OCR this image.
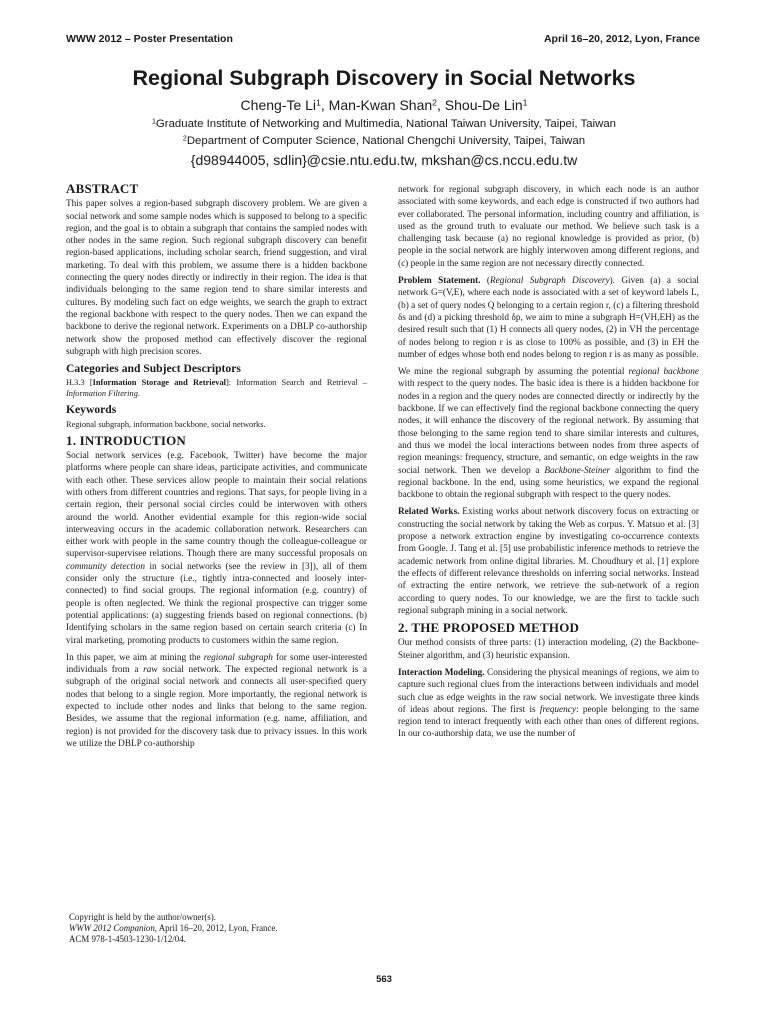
WWW 2012 – Poster Presentation	April 16–20, 2012, Lyon, France
Regional Subgraph Discovery in Social Networks
Cheng-Te Li$^1$, Man-Kwan Shan$^2$, Shou-De Lin$^1$
$^1$Graduate Institute of Networking and Multimedia, National Taiwan University, Taipei, Taiwan
$^2$Department of Computer Science, National Chengchi University, Taipei, Taiwan
{d98944005, sdlin}@csie.ntu.edu.tw, mkshan@cs.nccu.edu.tw
ABSTRACT

This paper solves a region-based subgraph discovery problem. We are given a social network and some sample nodes which is supposed to belong to a specific region, and the goal is to obtain a subgraph that contains the sampled nodes with other nodes in the same region. Such regional subgraph discovery can benefit region-based applications, including scholar search, friend suggestion, and viral marketing. To deal with this problem, we assume there is a hidden backbone connecting the query nodes directly or indirectly in their region. The idea is that individuals belonging to the same region tend to share similar interests and cultures. By modeling such fact on edge weights, we search the graph to extract the regional backbone with respect to the query nodes. Then we can expand the backbone to derive the regional network. Experiments on a DBLP co-authorship network show the proposed method can effectively discover the regional subgraph with high precision scores.

Categories and Subject Descriptors

H.3.3 [Information Storage and Retrieval]: Information Search and Retrieval – Information Filtering.

Keywords

Regional subgraph, information backbone, social networks.

1. INTRODUCTION

Social network services (e.g. Facebook, Twitter) have become the major platforms where people can share ideas, participate activities, and communicate with each other. These services allow people to maintain their social relations with others from different countries and regions. That says, for people living in a certain region, their personal social circles could be interwoven with others around the world. Another evidential example for this region-wide social interweaving occurs in the academic collaboration network. Researchers can either work with people in the same country though the colleague-colleague or supervisor-supervisee relations. Though there are many successful proposals on community detection in social networks (see the review in [3]), all of them consider only the structure (i.e., tightly intra-connected and loosely inter-connected) to find social groups. The regional information (e.g. country) of people is often neglected. We think the regional prospective can trigger some potential applications: (a) suggesting friends based on regional connections. (b) Identifying scholars in the same region based on certain search criteria (c) In viral marketing, promoting products to customers within the same region.

In this paper, we aim at mining the regional subgraph for some user-interested individuals from a raw social network. The expected regional network is a subgraph of the original social network and connects all user-specified query nodes that belong to a single region. More importantly, the regional network is expected to include other nodes and links that belong to the same region. Besides, we assume that the regional information (e.g. name, affiliation, and region) is not provided for the discovery task due to privacy issues. In this work we utilize the DBLP co-authorship

Copyright is held by the author/owner(s).
WWW 2012 Companion, April 16–20, 2012, Lyon, France.
ACM 978-1-4503-1230-1/12/04.

network for regional subgraph discovery, in which each node is an author associated with some keywords, and each edge is constructed if two authors had ever collaborated. The personal information, including country and affiliation, is used as the ground truth to evaluate our method. We believe such task is a challenging task because (a) no regional knowledge is provided as prior, (b) people in the social network are highly interwoven among different regions, and (c) people in the same region are not necessary directly connected.

Problem Statement. (Regional Subgraph Discovery). Given (a) a social network G=(V,E), where each node is associated with a set of keyword labels L, (b) a set of query nodes Q belonging to a certain region r, (c) a filtering threshold δs and (d) a picking threshold δp, we aim to mine a subgraph H=(VH,EH) as the desired result such that (1) H connects all query nodes, (2) in VH the percentage of nodes belong to region r is as close to 100% as possible, and (3) in EH the number of edges whose both end nodes belong to region r is as many as possible.

We mine the regional subgraph by assuming the potential regional backbone with respect to the query nodes. The basic idea is there is a hidden backbone for nodes in a region and the query nodes are connected directly or indirectly by the backbone. If we can effectively find the regional backbone connecting the query nodes, it will enhance the discovery of the regional network. By assuming that those belonging to the same region tend to share similar interests and cultures, and thus we model the local interactions between nodes from three aspects of region meanings: frequency, structure, and semantic, on edge weights in the raw social network. Then we develop a Backbone-Steiner algorithm to find the regional backbone. In the end, using some heuristics, we expand the regional backbone to obtain the regional subgraph with respect to the query nodes.

Related Works. Existing works about network discovery focus on extracting or constructing the social network by taking the Web as corpus. Y. Matsuo et al. [3] propose a network extraction engine by investigating co-occurrence contexts from Google. J. Tang et al. [5] use probabilistic inference methods to retrieve the academic network from online digital libraries. M. Choudhury et al. [1] explore the effects of different relevance thresholds on inferring social networks. Instead of extracting the entire network, we retrieve the sub-network of a region according to query nodes. To our knowledge, we are the first to tackle such regional subgraph mining in a social network.

2. THE PROPOSED METHOD

Our method consists of three parts: (1) interaction modeling, (2) the Backbone-Steiner algorithm, and (3) heuristic expansion.

Interaction Modeling. Considering the physical meanings of regions, we aim to capture such regional clues from the interactions between individuals and model such clue as edge weights in the raw social network. We investigate three kinds of ideas about regions. The first is frequency: people belonging to the same region tend to interact frequently with each other than ones of different regions. In our co-authorship data, we use the number of

563
